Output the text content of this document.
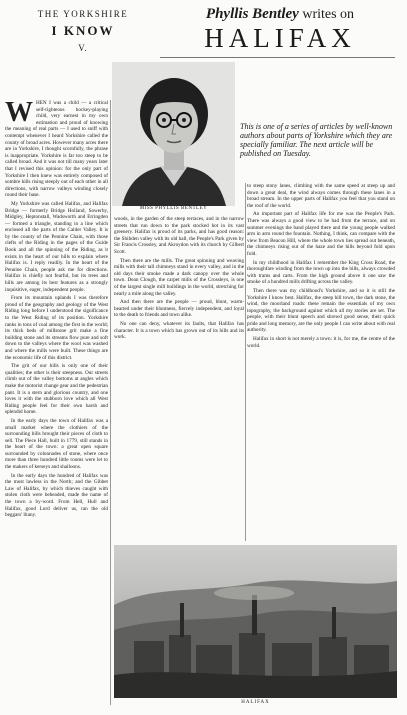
THE YORKSHIRE
I KNOW
V.
Phyllis Bentley writes on
HALIFAX
This is one of a series of articles by well-known authors about parts of Yorkshire which they are specially familiar. The next article will be published on Tuesday.
MISS PHYLLIS BENTLEY
W HEN I was a child — a critical self-righteous hockey-playing child, very earnest in my own estimation and proud of knowing the meaning of real parts — I used to sniff with contempt whenever I heard Yorkshire called the county of broad acres. However many acres there are in Yorkshire, I thought scornfully, the phrase is inappropriate. Yorkshire is far too steep to be called broad. And it was not till many years later that I revised this opinion: for the only part of Yorkshire I then knew was entirely composed of sombre hills rising steeply out of each other in all directions, with narrow valleys winding closely round their base.

My Yorkshire was called Halifax, and Halifax Bridge — formerly Bridge Holland, Sowerby, Midgley, Heptonstall, Wadsworth and Erringden — formed a triangle, standing in a line which enclosed all the parts of the Calder Valley. It is by the county of the Pennine Chain, with those clefts of the Riding in the pages of the Guide Book and all the spinning of the Riding, as it exists in the heart of our hills to explain where Halifax is. I reply readily. In the heart of the Pennine Chain, people ask me for directions. Halifax is chiefly not fearful, but its trees and hills are among its best features as a strongly inquisitive, eager, independent people.

From its mountain uplands I was therefore proud of the geography and geology of the West Riding long before I understood the significance to the West Riding of its position. Yorkshire ranks in tons of coal among the first in the world; its thick beds of millstone grit make a fine building stone and its streams flow pure and soft down to the valleys where the wool was washed and where the mills were built. These things are the economic life of this district.

The grit of our hills is only one of their qualities; the other is their steepness. Our streets climb out of the valley bottoms at angles which make the motorist change gear and the pedestrian pant. It is a stern and glorious country, and one loves it with the stubborn love which all West Riding people feel for their own harsh and splendid home.

In the early days the town of Halifax was a small market where the clothiers of the surrounding hills brought their pieces of cloth to sell. The Piece Hall, built in 1779, still stands in the heart of the town: a great open square surrounded by colonnades of stone, where once more than three hundred little rooms were let to the makers of kerseys and shalloons.

In the early days the hundred of Halifax was the most lawless in the North; and the Gibbet Law of Halifax, by which thieves caught with stolen cloth were beheaded, made the name of the town a by-word. From Hell, Hull and Halifax, good Lord deliver us, ran the old beggars' litany.

woods, in the garden of the steep terraces, and in the narrow streets that run down to the park stocked hot in its vast greenery. Halifax is proud of its parks, and has good reason: the Shibden valley with its old hall, the People's Park given by Sir Francis Crossley, and Akroydon with its church by Gilbert Scott.

Then there are the mills. The great spinning and weaving mills with their tall chimneys stand in every valley, and in the old days their smoke made a dark canopy over the whole town. Dean Clough, the carpet mills of the Crossleys, is one of the largest single mill buildings in the world, stretching for nearly a mile along the valley.

And then there are the people — proud, blunt, warm-hearted under their bluntness, fiercely independent, and loyal to the death to friends and town alike.

No one can deny, whatever its faults, that Halifax has character. It is a town which has grown out of its hills and its work.

to steep stony lanes, climbing with the same speed at steep up and down a great deal, the wind always comes through these lanes in a broad stream. In the upper parts of Halifax you feel that you stand on the roof of the world.

An important part of Halifax life for me was the People's Park. There was always a good view to be had from the terrace, and on summer evenings the band played there and the young people walked arm in arm round the fountain. Nothing, I think, can compare with the view from Beacon Hill, where the whole town lies spread out beneath, the chimneys rising out of the haze and the hills beyond fold upon fold.

In my childhood in Halifax I remember the King Cross Road, the thoroughfare winding from the town up into the hills, always crowded with trams and carts. From the high ground above it one saw the smoke of a hundred mills drifting across the valley.

Then there was my childhood's Yorkshire, and so it is still the Yorkshire I know best. Halifax, the steep hill town, the dark stone, the wind, the moorland roads: these remain the essentials of my own topography, the background against which all my stories are set. The people, with their blunt speech and shrewd good sense, their quick pride and long memory, are the only people I can write about with real authority.

Halifax in short is not merely a town: it is, for me, the centre of the world.

HALIFAX
